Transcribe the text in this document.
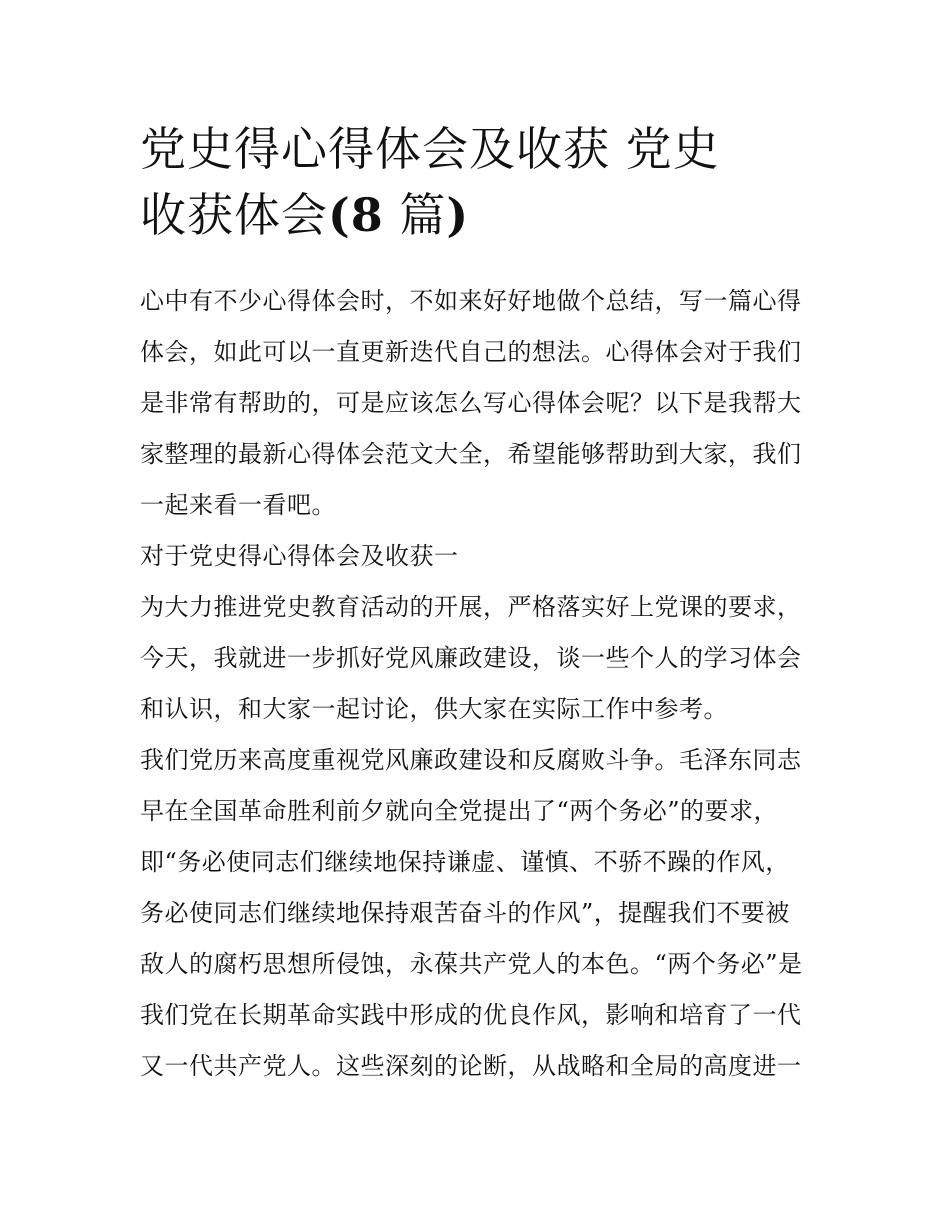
党史得心得体会及收获 党史
收获体会(8 篇)
心中有不少心得体会时，不如来好好地做个总结，写一篇心得
体会，如此可以一直更新迭代自己的想法。心得体会对于我们
是非常有帮助的，可是应该怎么写心得体会呢？以下是我帮大
家整理的最新心得体会范文大全，希望能够帮助到大家，我们
一起来看一看吧。
对于党史得心得体会及收获一
为大力推进党史教育活动的开展，严格落实好上党课的要求，
今天，我就进一步抓好党风廉政建设，谈一些个人的学习体会
和认识，和大家一起讨论，供大家在实际工作中参考。
我们党历来高度重视党风廉政建设和反腐败斗争。毛泽东同志
早在全国革命胜利前夕就向全党提出了“两个务必”的要求，
即“务必使同志们继续地保持谦虚、谨慎、不骄不躁的作风，
务必使同志们继续地保持艰苦奋斗的作风”，提醒我们不要被
敌人的腐朽思想所侵蚀，永葆共产党人的本色。“两个务必”是
我们党在长期革命实践中形成的优良作风，影响和培育了一代
又一代共产党人。这些深刻的论断，从战略和全局的高度进一
